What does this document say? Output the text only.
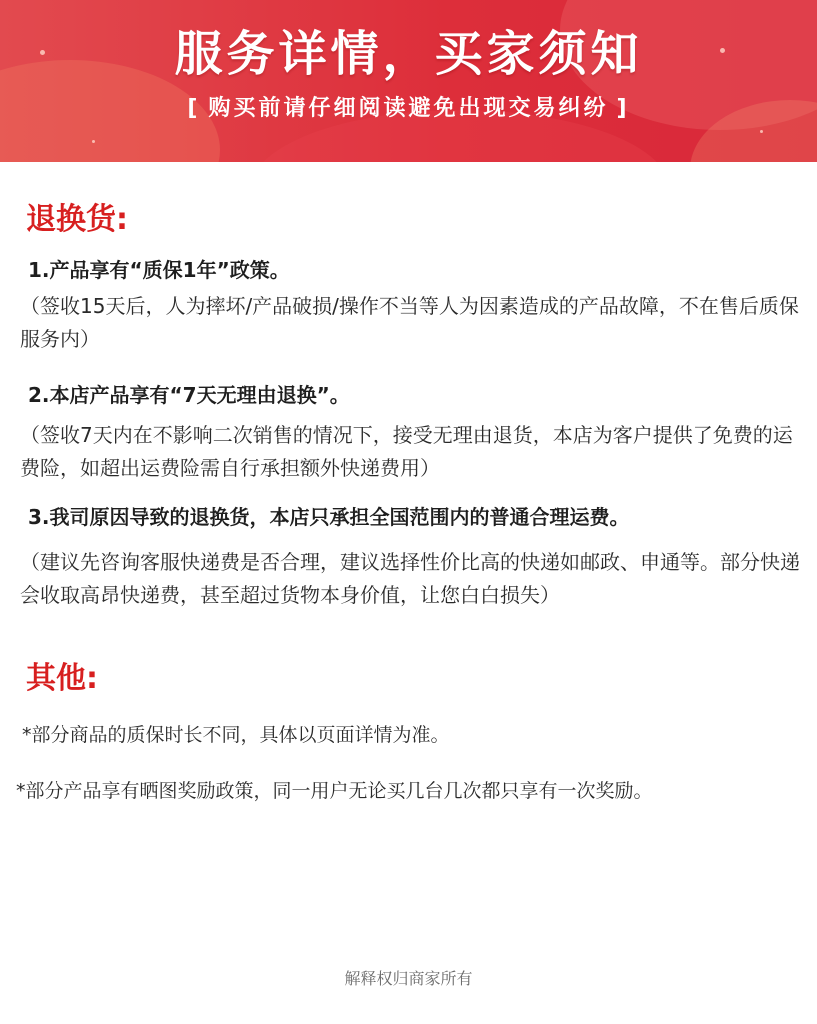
服务详情，买家须知
[ 购买前请仔细阅读避免出现交易纠纷 ]
退换货:
1.产品享有“质保1年”政策。
（签收15天后，人为摔坏/产品破损/操作不当等人为因素造成的产品故障，不在售后质保服务内）
2.本店产品享有“7天无理由退换”。
（签收7天内在不影响二次销售的情况下，接受无理由退货，本店为客户提供了免费的运费险，如超出运费险需自行承担额外快递费用）
3.我司原因导致的退换货，本店只承担全国范围内的普通合理运费。
（建议先咨询客服快递费是否合理，建议选择性价比高的快递如邮政、申通等。部分快递会收取高昂快递费，甚至超过货物本身价值，让您白白损失）
其他:
*部分商品的质保时长不同，具体以页面详情为准。
*部分产品享有晒图奖励政策，同一用户无论买几台几次都只享有一次奖励。
解释权归商家所有
